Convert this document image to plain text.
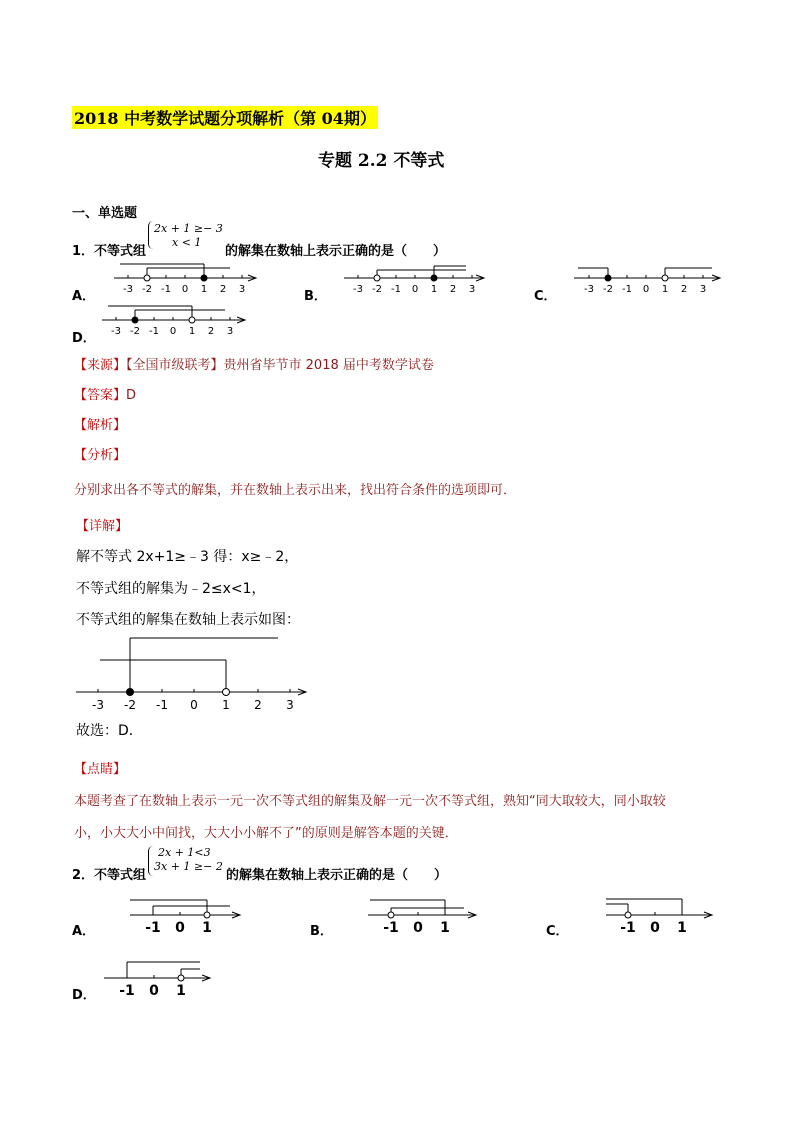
2018 中考数学试题分项解析（第 04期）
专题 2.2 不等式
一、单选题
1． 不等式组
2x + 1 ≥− 3
x < 1
的解集在数轴上表示正确的是（　　）
A．	B．	C．
D．
-3 -2 -1 0 1 2 3	-3 -2 -1 0 1 2 3	-3 -2 -1 0 1 2 3
-3 -2 -1 0 1 2 3
-3 -2 -1 0 1 2 3
-1 0 1	-1 0 1	-1 0 1
-1 0 1
【来源】【全国市级联考】贵州省毕节市 2018 届中考数学试卷
【答案】D
【解析】
【分析】
分别求出各不等式的解集，并在数轴上表示出来，找出符合条件的选项即可．
【详解】
解不等式 2x+1≥﹣3 得：x≥﹣2，
不等式组的解集为﹣2≤x<1，
不等式组的解集在数轴上表示如图：
故选：D．
【点睛】
本题考查了在数轴上表示一元一次不等式组的解集及解一元一次不等式组，熟知“同大取较大，同小取较
小，小大大小中间找，大大小小解不了”的原则是解答本题的关键．
2． 不等式组
2x + 1<3
3x + 1 ≥− 2
的解集在数轴上表示正确的是（　　）
A．	B．	C．
D．
